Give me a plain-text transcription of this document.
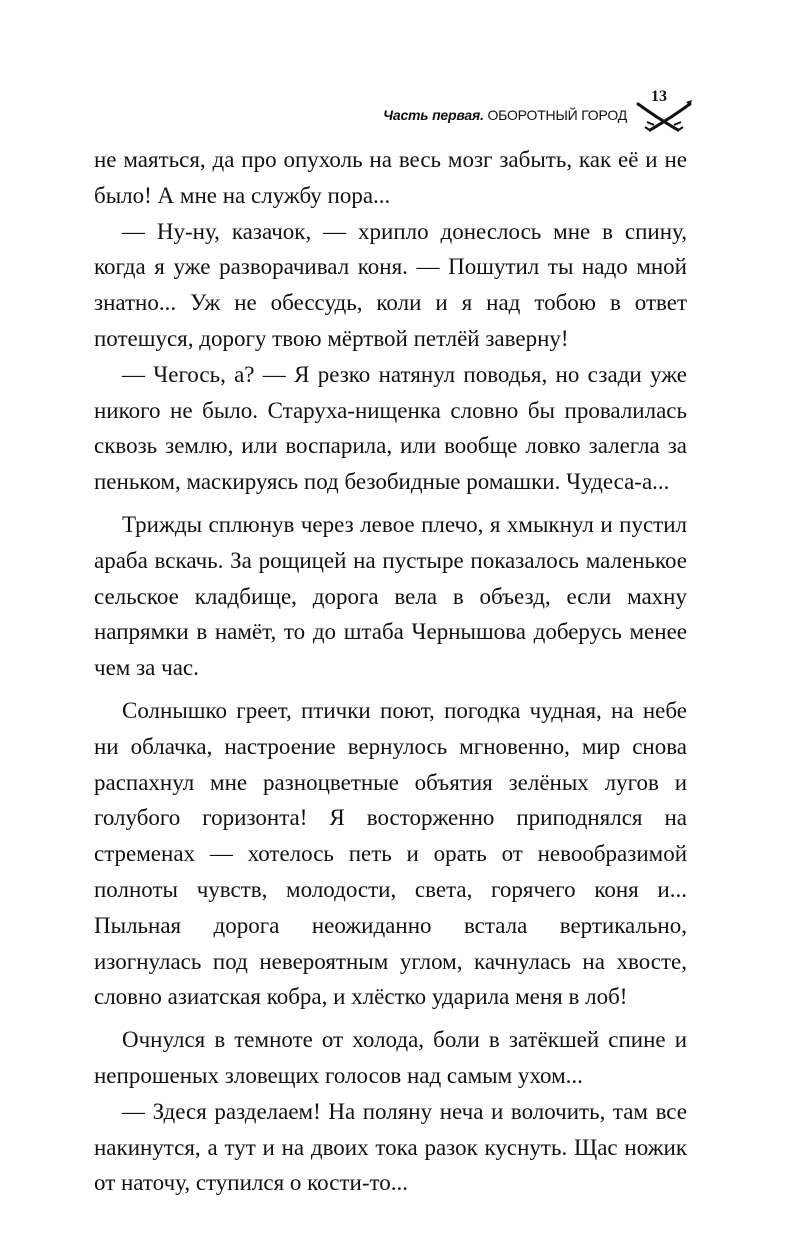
Часть первая. ОБОРОТНЫЙ ГОРОД
13

не маяться, да про опухоль на весь мозг забыть, как её и не было! А мне на службу пора...

— Ну-ну, казачок, — хрипло донеслось мне в спину, когда я уже разворачивал коня. — Пошутил ты надо мной знатно... Уж не обессудь, коли и я над тобою в ответ потешуся, дорогу твою мёртвой петлёй заверну!

— Чегось, а? — Я резко натянул поводья, но сзади уже никого не было. Старуха-нищенка словно бы провалилась сквозь землю, или воспарила, или вообще ловко залегла за пеньком, маскируясь под безобидные ромашки. Чудеса-а...

Трижды сплюнув через левое плечо, я хмыкнул и пустил араба вскачь. За рощицей на пустыре показалось маленькое сельское кладбище, дорога вела в объезд, если махну напрямки в намёт, то до штаба Чернышова доберусь менее чем за час.

Солнышко греет, птички поют, погодка чудная, на небе ни облачка, настроение вернулось мгновенно, мир снова распахнул мне разноцветные объятия зелёных лугов и голубого горизонта! Я восторженно приподнялся на стременах — хотелось петь и орать от невообразимой полноты чувств, молодости, света, горячего коня и... Пыльная дорога неожиданно встала вертикально, изогнулась под невероятным углом, качнулась на хвосте, словно азиатская кобра, и хлёстко ударила меня в лоб!

Очнулся в темноте от холода, боли в затёкшей спине и непрошеных зловещих голосов над самым ухом...

— Здеся разделаем! На поляну неча и волочить, там все накинутся, а тут и на двоих тока разок куснуть. Щас ножик от наточу, ступился о кости-то...
